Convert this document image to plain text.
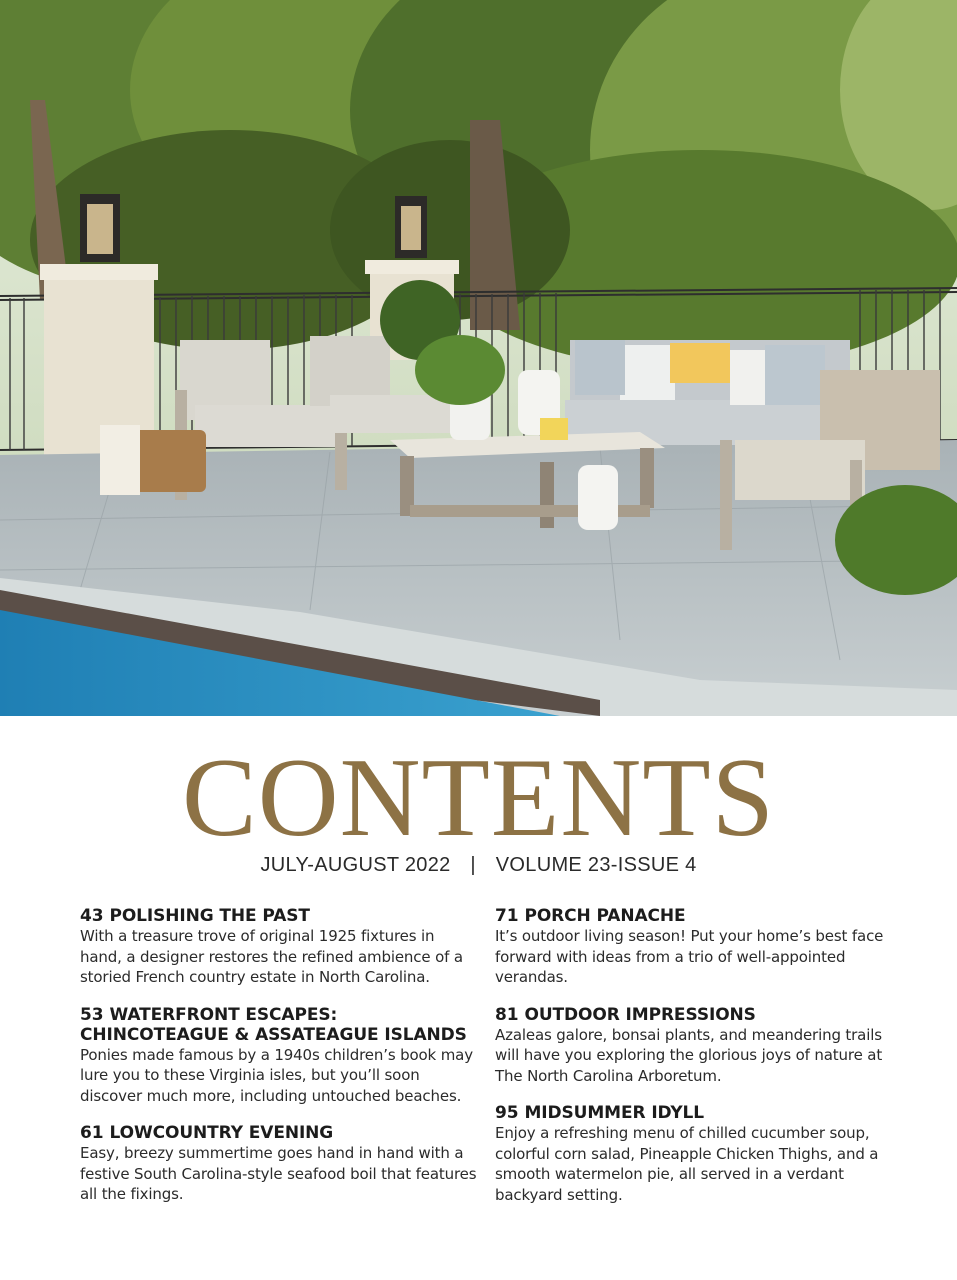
CONTENTS
JULY-AUGUST 2022 | VOLUME 23-ISSUE 4
43 POLISHING THE PAST

With a treasure trove of original 1925 fixtures in hand, a designer restores the refined ambience of a storied French country estate in North Carolina.

53 WATERFRONT ESCAPES: CHINCOTEAGUE & ASSATEAGUE ISLANDS

Ponies made famous by a 1940s children’s book may lure you to these Virginia isles, but you’ll soon discover much more, including untouched beaches.

61 LOWCOUNTRY EVENING

Easy, breezy summertime goes hand in hand with a festive South Carolina-style seafood boil that features all the fixings.

71 PORCH PANACHE

It’s outdoor living season! Put your home’s best face forward with ideas from a trio of well-appointed verandas.

81 OUTDOOR IMPRESSIONS

Azaleas galore, bonsai plants, and meandering trails will have you exploring the glorious joys of nature at The North Carolina Arboretum.

95 MIDSUMMER IDYLL

Enjoy a refreshing menu of chilled cucumber soup, colorful corn salad, Pineapple Chicken Thighs, and a smooth watermelon pie, all served in a verdant backyard setting.
